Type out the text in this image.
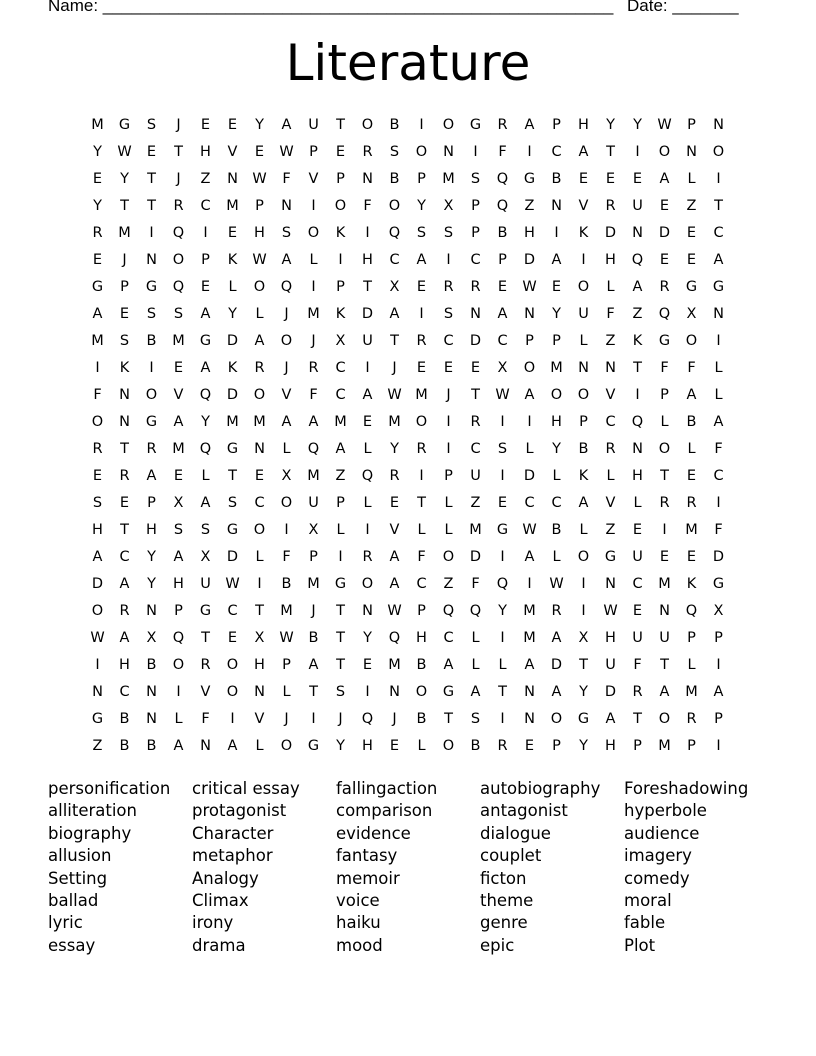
Name: ______________________________________________________

Date: _______

Literature
M	G	S	J	E	E	Y	A	U	T	O	B	I	O	G	R	A	P	H	Y	Y	W	P	N
Y	W	E	T	H	V	E	W	P	E	R	S	O	N	I	F	I	C	A	T	I	O	N	O
E	Y	T	J	Z	N W	F	V	P	N	B	P	M	S	Q	G	B	E	E	E	A	L	I
Y	T	T	R	C	M	P	N	I	O	F	O	Y	X	P	Q	Z	N	V	R	U	E	Z	T
R	M	I	Q	I	E	H	S	O	K	I	Q	S	S	P	B	H	I	K	D	N	D	E	C
E	J	N	O	P	K	W	A	L	I	H	C	A	I	C	P	D	A	I	H	Q	E	E	A
G	P	G	Q	E	L	O	Q	I	P	T	X	E	R	R	E	W	E	O	L	A	R	G	G
A	E	S	S	A	Y	L	J	M	K	D	A	I	S	N	A	N	Y	U	F	Z	Q	X	N
M	S	B	M	G	D	A	O	J	X	U	T	R	C	D	C	P	P	L	Z	K	G	O	I
I	K	I	E	A	K	R	J	R	C	I	J	E	E	E	X	O	M	N	N	T	F	F	L
F	N	O	V	Q	D	O	V	F	C	A	W M	J	T	W	A	O	O	V	I	P	A	L
O	N	G	A	Y	M M	A	A	M	E	M	O	I	R	I	I	H	P	C	Q	L	B	A
R	T	R	M	Q	G	N	L	Q	A	L	Y	R	I	C	S	L	Y	B	R	N	O	L	F
E	R	A	E	L	T	E	X	M	Z	Q	R	I	P	U	I	D	L	K	L	H	T	E	C
S	E	P	X	A	S	C	O	U	P	L	E	T	L	Z	E	C	C	A	V	L	R	R	I
H	T	H	S	S	G	O	I	X	L	I	V	L	L	M	G W	B	L	Z	E	I	M	F
A	C	Y	A	X	D	L	F	P	I	R	A	F	O	D	I	A	L	O	G	U	E	E	D
D	A	Y	H	U	W	I	B	M	G	O	A	C	Z	F	Q	I	W	I	N	C	M	K	G
O	R	N	P	G	C	T	M	J	T	N W	P	Q	Q	Y	M	R	I	W	E	N	Q	X
W	A	X	Q	T	E	X	W	B	T	Y	Q	H	C	L	I	M	A	X	H	U	U	P	P
I	H	B	O	R	O	H	P	A	T	E	M	B	A	L	L	A	D	T	U	F	T	L	I
N	C	N	I	V	O	N	L	T	S	I	N	O	G	A	T	N	A	Y	D	R	A	M	A
G	B	N	L	F	I	V	J	I	J	Q	J	B	T	S	I	N	O	G	A	T	O	R	P
Z	B	B	A	N	A	L	O	G	Y	H	E	L	O	B	R	E	P	Y	H	P	M	P	I
personification
alliteration
biography
allusion
Setting
ballad
lyric
essay
critical essay
protagonist
Character
metaphor
Analogy
Climax
irony
drama
fallingaction
comparison
evidence
fantasy
memoir
voice
haiku
mood
autobiography
antagonist
dialogue
couplet
ficton
theme
genre
epic
Foreshadowing
hyperbole
audience
imagery
comedy
moral
fable
Plot
